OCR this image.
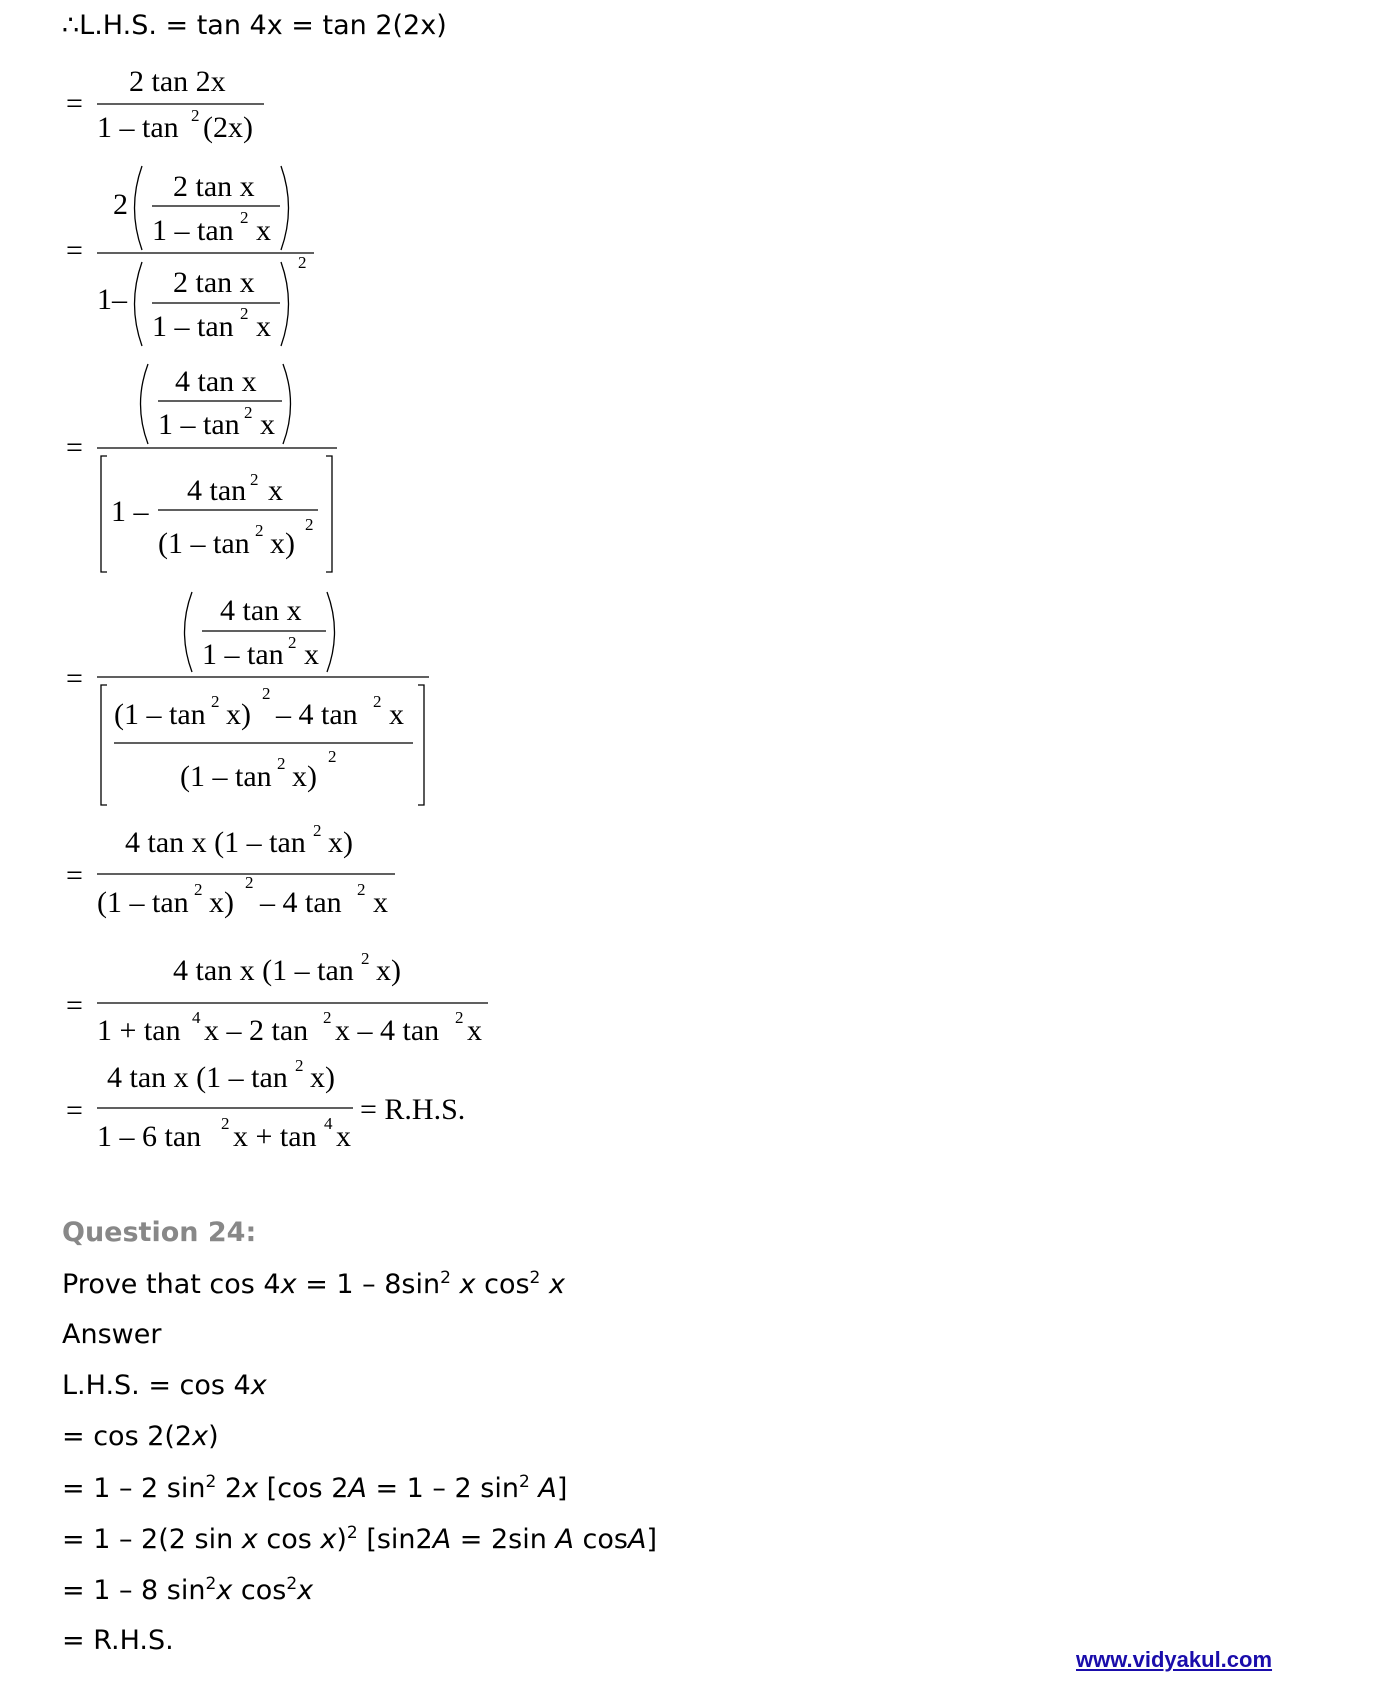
∴L.H.S. = tan 4x = tan 2(2x)
=
2 tan 2x
1 – tan 2 (2x)
=
2
2 tan x
1 – tan 2 x
1–
2 tan x
1 – tan 2 x
2
=
4 tan x
1 – tan 2 x
1 –
4 tan 2 x
(1 – tan 2 x)
2
=
4 tan x
1 – tan 2 x
(1 – tan 2 x)
2
– 4 tan 2 x
(1 – tan 2 x)
2
=
4 tan x (1 – tan 2 x)
(1 – tan 2 x)
2
– 4 tan 2 x
=
4 tan x (1 – tan 2 x)
1 + tan 4 x – 2 tan 2 x – 4 tan 2 x
=
4 tan x (1 – tan 2 x)
1 – 6 tan 2 x + tan 4 x
= R.H.S.
Question 24:
Prove that $\cos 4x = 1 - 8\sin^2$ x $\cos^2 x$
Answer
L.H.S. = cos 4x
= cos 2(2x)
= 1 – 2 $\sin^2 2x$ [cos 2A = 1 – 2 $\sin^2 A$]
= 1 – 2(2 sin x cos x)$^2$ [sin2A = 2sin A cosA]
= 1 – 8 $\sin^2x$ $\cos^2x$
= R.H.S.
www.vidyakul.com
